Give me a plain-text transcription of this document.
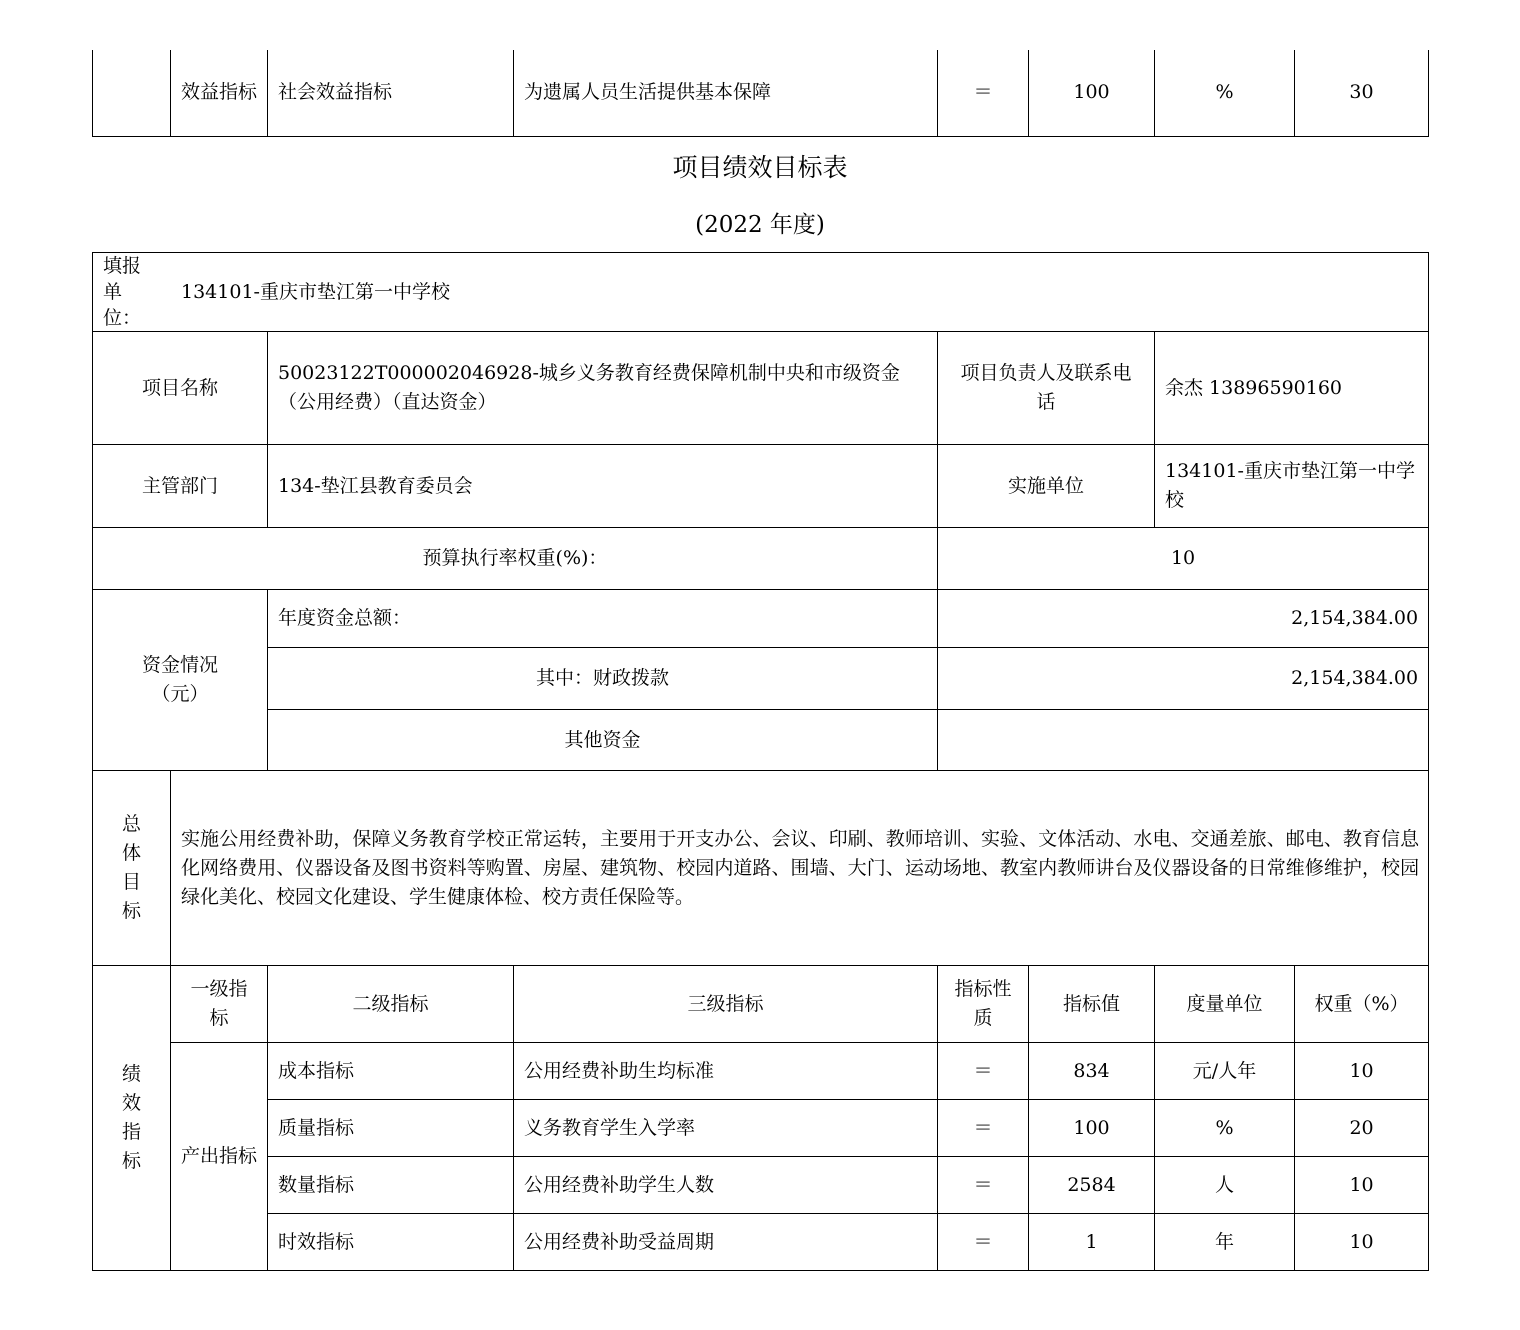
	效益指标	社会效益指标	为遗属人员生活提供基本保障	＝	100	%	30
项目绩效目标表
(2022 年度)
填报单位：
134101-重庆市垫江第一中学校							

项目名称		50023122T000002046928-城乡义务教育经费保障机制中央和市级资金（公用经费）（直达资金）		项目负责人及联系电话		余杰 13896590160	
主管部门		134-垫江县教育委员会		实施单位		134101-重庆市垫江第一中学校	
预算执行率权重(%)：				10			
资金情况（元）		年度资金总额：		2,154,384.00			
		其中：财政拨款		2,154,384.00			
		其他资金					
总体目标	实施公用经费补助，保障义务教育学校正常运转，主要用于开支办公、会议、印刷、教师培训、实验、文体活动、水电、交通差旅、邮电、教育信息化网络费用、仪器设备及图书资料等购置、房屋、建筑物、校园内道路、围墙、大门、运动场地、教室内教师讲台及仪器设备的日常维修维护，校园绿化美化、校园文化建设、学生健康体检、校方责任保险等。						
绩效指标	一级指标	二级指标	三级指标	指标性质	指标值	度量单位	权重（%）
	产出指标	成本指标	公用经费补助生均标准	＝	834	元/人年	10
		质量指标	义务教育学生入学率	＝	100	%	20
		数量指标	公用经费补助学生人数	＝	2584	人	10
		时效指标	公用经费补助受益周期	＝	1	年	10
